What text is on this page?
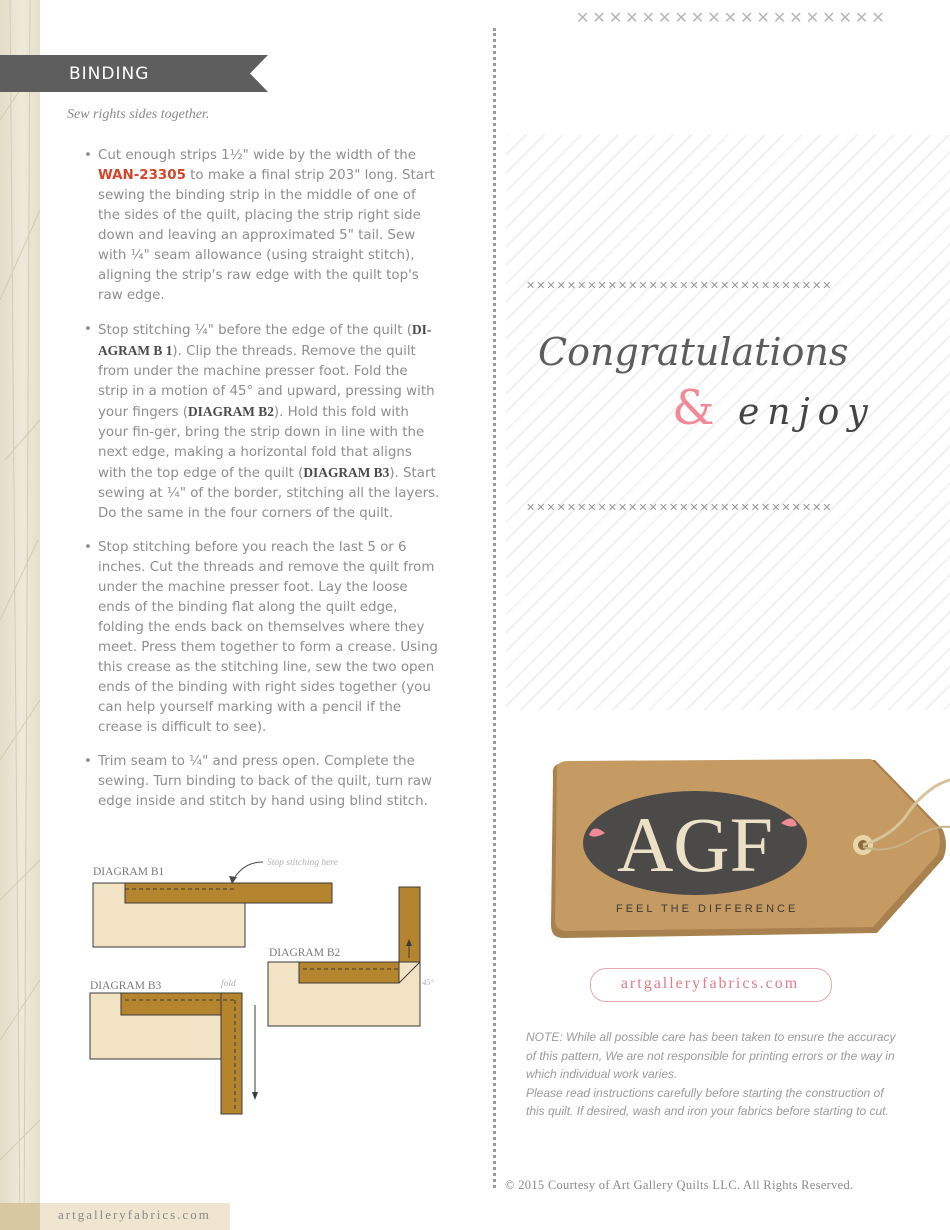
BINDING
Sew rights sides together.
• Cut enough strips 1½" wide by the width of the WAN-23305 to make a final strip 203" long. Start sewing the binding strip in the middle of one of the sides of the quilt, placing the strip right side down and leaving an approximated 5" tail. Sew with ¼" seam allowance (using straight stitch), aligning the strip's raw edge with the quilt top's raw edge.
• Stop stitching ¼" before the edge of the quilt (DI-AGRAM B 1). Clip the threads. Remove the quilt from under the machine presser foot. Fold the strip in a motion of 45° and upward, pressing with your fingers (DIAGRAM B2). Hold this fold with your fin-ger, bring the strip down in line with the next edge, making a horizontal fold that aligns with the top edge of the quilt (DIAGRAM B3). Start sewing at ¼" of the border, stitching all the layers. Do the same in the four corners of the quilt.
• Stop stitching before you reach the last 5 or 6 inches. Cut the threads and remove the quilt from under the machine presser foot. Lay the loose ends of the binding flat along the quilt edge, folding the ends back on themselves where they meet. Press them together to form a crease. Using this crease as the stitching line, sew the two open ends of the binding with right sides together (you can help yourself marking with a pencil if the crease is difficult to see).
• Trim seam to ¼" and press open. Complete the sewing. Turn binding to back of the quilt, turn raw edge inside and stitch by hand using blind stitch.
DIAGRAM B1
Stop stitching here
DIAGRAM B2
45°
DIAGRAM B3	fold
✕✕✕✕✕✕✕✕✕✕✕✕✕✕✕✕✕✕✕
✕✕✕✕✕✕✕✕✕✕✕✕✕✕✕✕✕✕✕✕✕✕✕✕✕✕✕✕✕✕
Congratulations
& enjoy
✕✕✕✕✕✕✕✕✕✕✕✕✕✕✕✕✕✕✕✕✕✕✕✕✕✕✕✕✕✕
AGF
FEEL THE DIFFERENCE
artgalleryfabrics.com

NOTE: While all possible care has been taken to ensure the accuracy of this pattern, We are not responsible for printing errors or the way in which individual work varies.
Please read instructions carefully before starting the construction of this quilt. If desired, wash and iron your fabrics before starting to cut.

© 2015 Courtesy of Art Gallery Quilts LLC. All Rights Reserved.
artgalleryfabrics.com
